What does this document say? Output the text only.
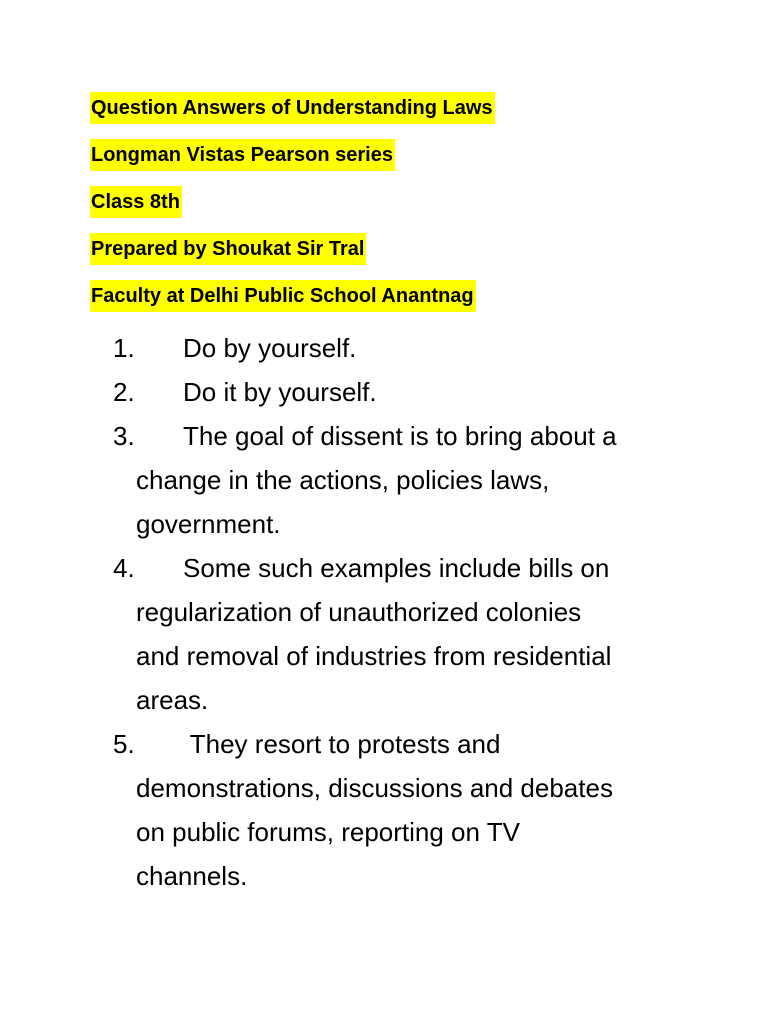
Question Answers of Understanding Laws
Longman Vistas Pearson series
Class 8th
Prepared by Shoukat Sir Tral
Faculty at Delhi Public School Anantnag
1. Do by yourself.
2. Do it by yourself.
3. The goal of dissent is to bring about a
change in the actions, policies laws,
government.
4. Some such examples include bills on
regularization of unauthorized colonies
and removal of industries from residential
areas.
5. They resort to protests and
demonstrations, discussions and debates
on public forums, reporting on TV
channels.
